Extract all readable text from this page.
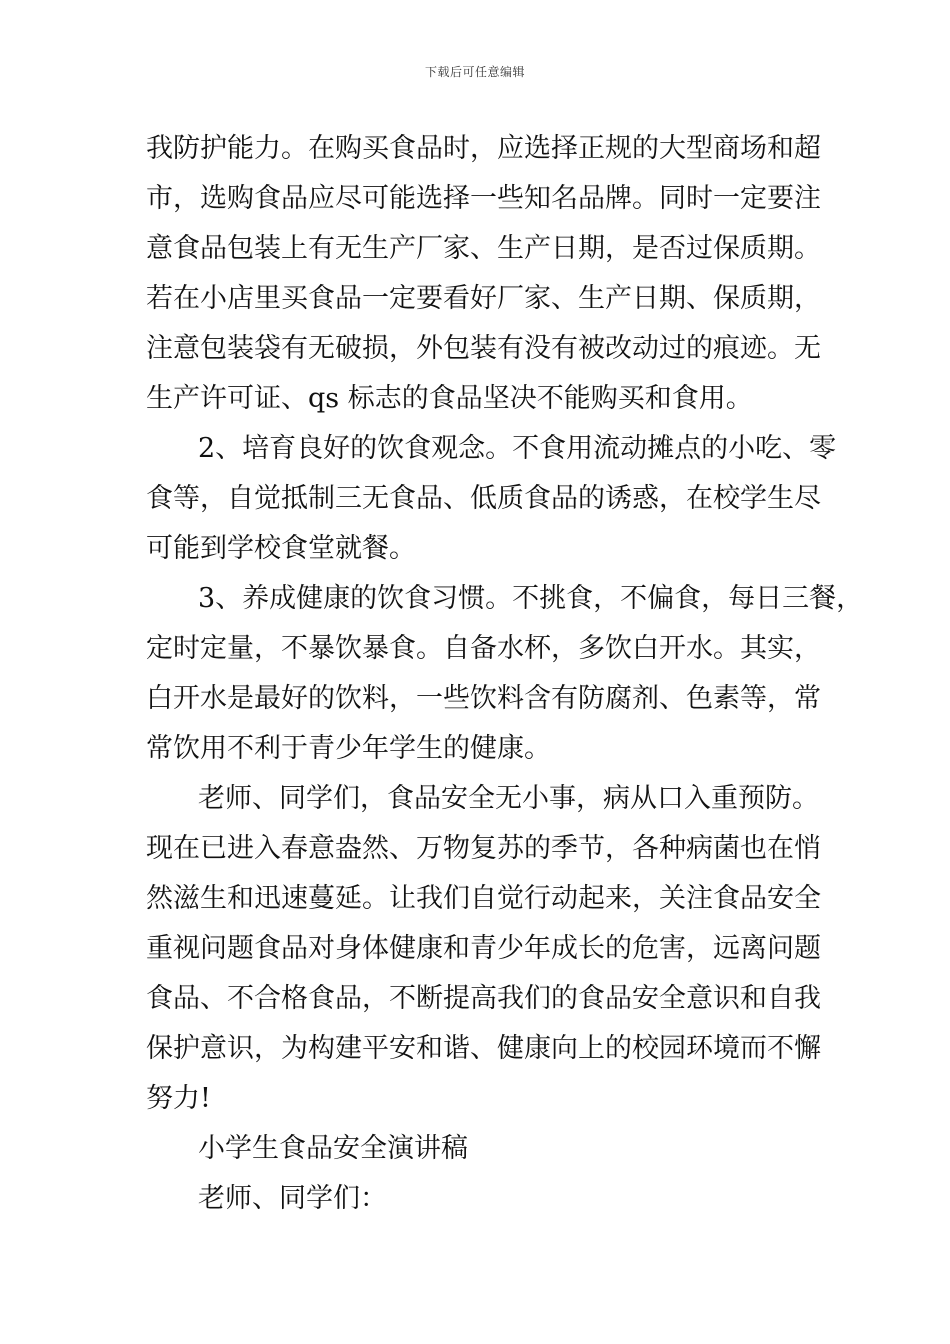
下载后可任意编辑
我防护能力。在购买食品时，应选择正规的大型商场和超
市，选购食品应尽可能选择一些知名品牌。同时一定要注
意食品包装上有无生产厂家、生产日期，是否过保质期。
若在小店里买食品一定要看好厂家、生产日期、保质期，
注意包装袋有无破损，外包装有没有被改动过的痕迹。无
生产许可证、qs 标志的食品坚决不能购买和食用。
2、培育良好的饮食观念。不食用流动摊点的小吃、零
食等，自觉抵制三无食品、低质食品的诱惑，在校学生尽
可能到学校食堂就餐。
3、养成健康的饮食习惯。不挑食，不偏食，每日三餐，
定时定量，不暴饮暴食。自备水杯，多饮白开水。其实，
白开水是最好的饮料，一些饮料含有防腐剂、色素等，常
常饮用不利于青少年学生的健康。
老师、同学们，食品安全无小事，病从口入重预防。
现在已进入春意盎然、万物复苏的季节，各种病菌也在悄
然滋生和迅速蔓延。让我们自觉行动起来，关注食品安全
重视问题食品对身体健康和青少年成长的危害，远离问题
食品、不合格食品，不断提高我们的食品安全意识和自我
保护意识，为构建平安和谐、健康向上的校园环境而不懈
努力!
小学生食品安全演讲稿
老师、同学们：
